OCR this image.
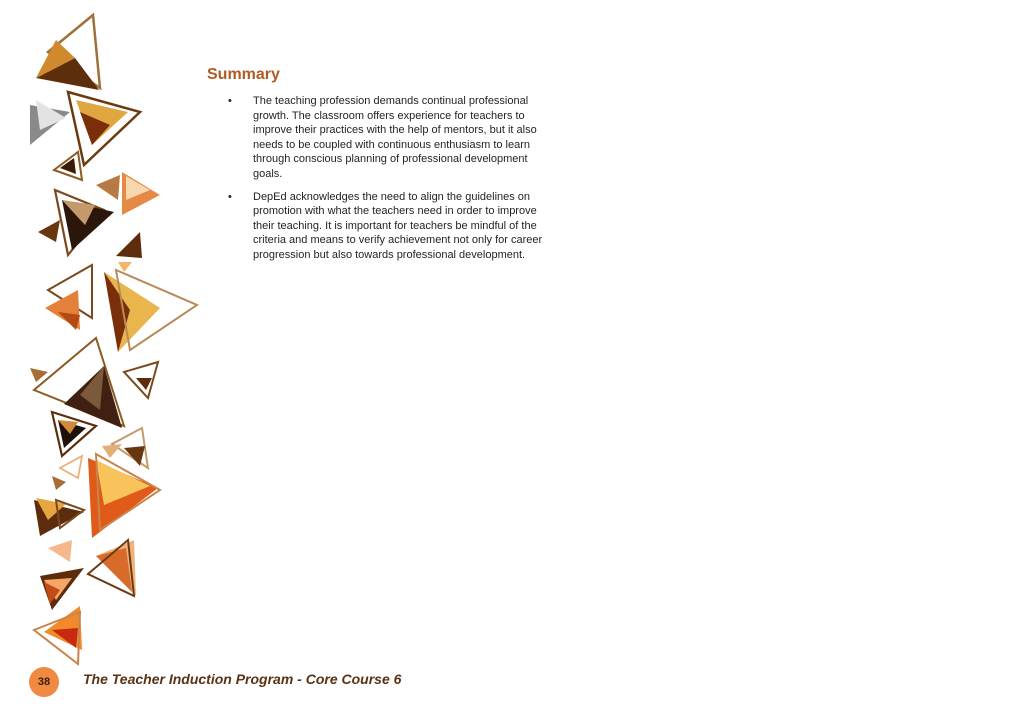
Summary
• The teaching profession demands continual professional growth. The classroom offers experience for teachers to improve their practices with the help of mentors, but it also needs to be coupled with continuous enthusiasm to learn through conscious planning of professional development goals.
• DepEd acknowledges the need to align the guidelines on promotion with what the teachers need in order to improve their teaching. It is important for teachers be mindful of the criteria and means to verify achievement not only for career progression but also towards professional development.
38	The Teacher Induction Program - Core Course 6
